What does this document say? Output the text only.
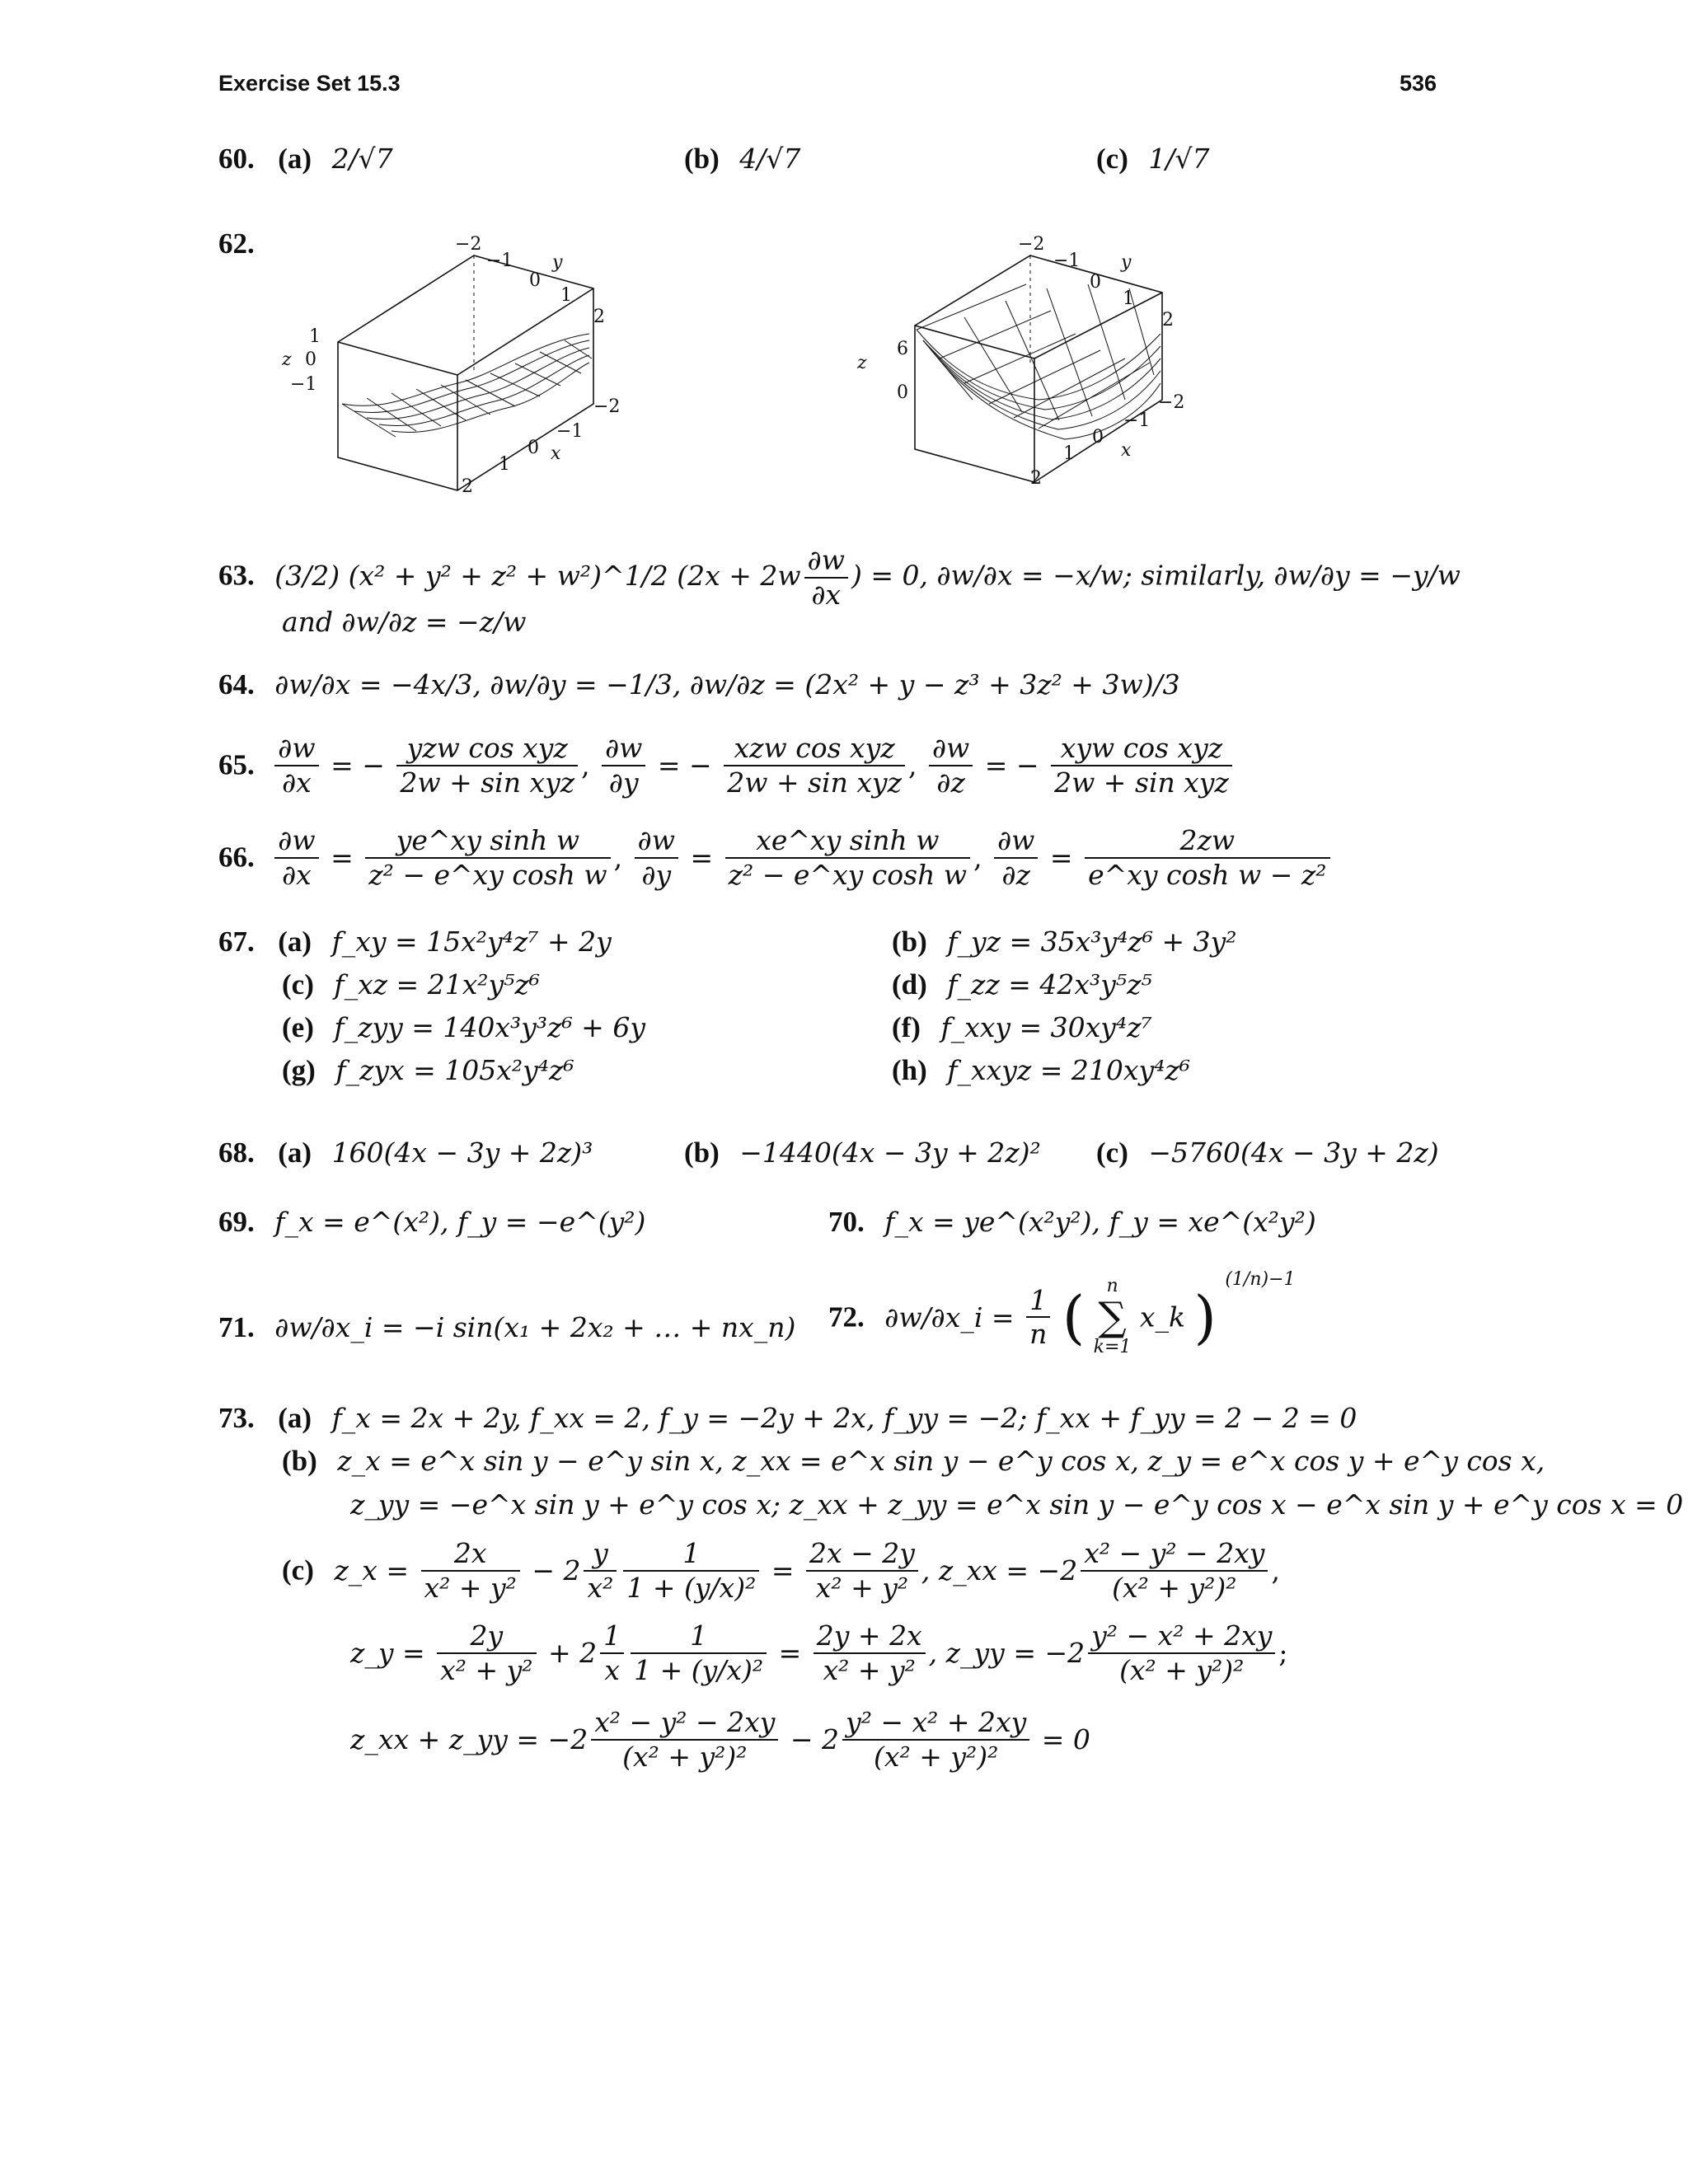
Exercise Set 15.3	536
60. (a) 2/√7	(b) 4/√7	(c) 1/√7
62.	−2
−1
0
1
2
y
1
0
−1
z
−2
−1
0
1
2
x
−2
−1
0
1
2
y
6
0
z
−2
−1
0
1
2
x
63. (3/2) (x² + y² + z² + w²)^1/2 ($2x + 2w \frac{\partial w}{\partial x}$ ) = 0, ∂w/∂x = −x/w; similarly, ∂w/∂y = −y/w
and ∂w/∂z = −z/w
64. ∂w/∂x = −4x/3, ∂w/∂y = −1/3, ∂w/∂z = (2x² + y − z³ + 3z² + 3w)/3
65. $\frac{\partial w}{\partial x}$ = − $\frac{\text{yzw cos xyz}}{\text{2w + sin xyz}}$ , $\frac{\partial w}{\partial y}$ = − $\frac{\text{xzw cos xyz}}{\text{2w + sin xyz}}$ , $\frac{\partial w}{\partial z}$ = − $\frac{\text{xyw cos xyz}}{\text{2w + sin xyz}}$
66. $\frac{\partial w}{\partial x} = \frac{\text{ye\textasciicircum{}xy sinh w}}{\text{z² − e\textasciicircum{}xy cosh w}}$ , $\frac{\partial w}{\partial y} = \frac{\text{xe\textasciicircum{}xy sinh w}}{\text{z² − e\textasciicircum{}xy cosh w}}$ , $\frac{\partial w}{\partial z} = \frac{2zw}{\text{e\textasciicircum{}xy cosh w − z²}}$
67. (a) f_xy = 15x²y⁴z⁷ + 2y	(b) f_yz = 35x³y⁴z⁶ + 3y²
(c) f_xz = 21x²y⁵z⁶	(d) f_zz = 42x³y⁵z⁵
(e) f_zyy = 140x³y³z⁶ + 6y	(f) f_xxy = 30xy⁴z⁷
(g) f_zyx = 105x²y⁴z⁶	(h) f_xxyz = 210xy⁴z⁶
68. (a) 160(4x − 3y + 2z)³	(b) −1440(4x − 3y + 2z)² (c) −5760(4x − 3y + 2z)
69. f_x = e^(x²), f_y = −e^(y²)	70. f_x = ye^(x²y²), f_y = xe^(x²y²)
71. ∂w/∂x_i = −i sin(x₁ + 2x₂ + … + nx_n) 72. ∂w/∂x_i = $\frac{1}{n}$ (	n
∑
k=1
x_k ) $^{(1/n)-1}$
73. (a) f_x = 2x + 2y, f_xx = 2, f_y = −2y + 2x, f_yy = −2; f_xx + f_yy = 2 − 2 = 0
(b) z_x = e^x sin y − e^y sin x, z_xx = e^x sin y − e^y cos x, z_y = e^x cos y + e^y cos x,
z_yy = −e^x sin y + e^y cos x; z_xx + z_yy = e^x sin y − e^y cos x − e^x sin y + e^y cos x = 0
(c) z_x = $\frac{2x}{\text{x² + y²}} - 2 \frac{y}{\text{x²}} \frac{1}{\text{1 + (y/x)²}} = \frac{2x - 2y}{\text{x² + y²}}$ , z_xx = $-2 \frac{\text{x² − y² − 2xy}}{\text{(x² + y²)²}}$ ,
z_y = $\frac{2y}{\text{x² + y²}} + 2 \frac{1}{x} \frac{1}{\text{1 + (y/x)²}} = \frac{2y + 2x}{\text{x² + y²}}$ , z_yy = $-2 \frac{\text{y² − x² + 2xy}}{\text{(x² + y²)²}}$ ;
z_xx + z_yy = $-2 \frac{\text{x² − y² − 2xy}}{\text{(x² + y²)²}} - 2 \frac{\text{y² − x² + 2xy}}{\text{(x² + y²)²}} = 0$
